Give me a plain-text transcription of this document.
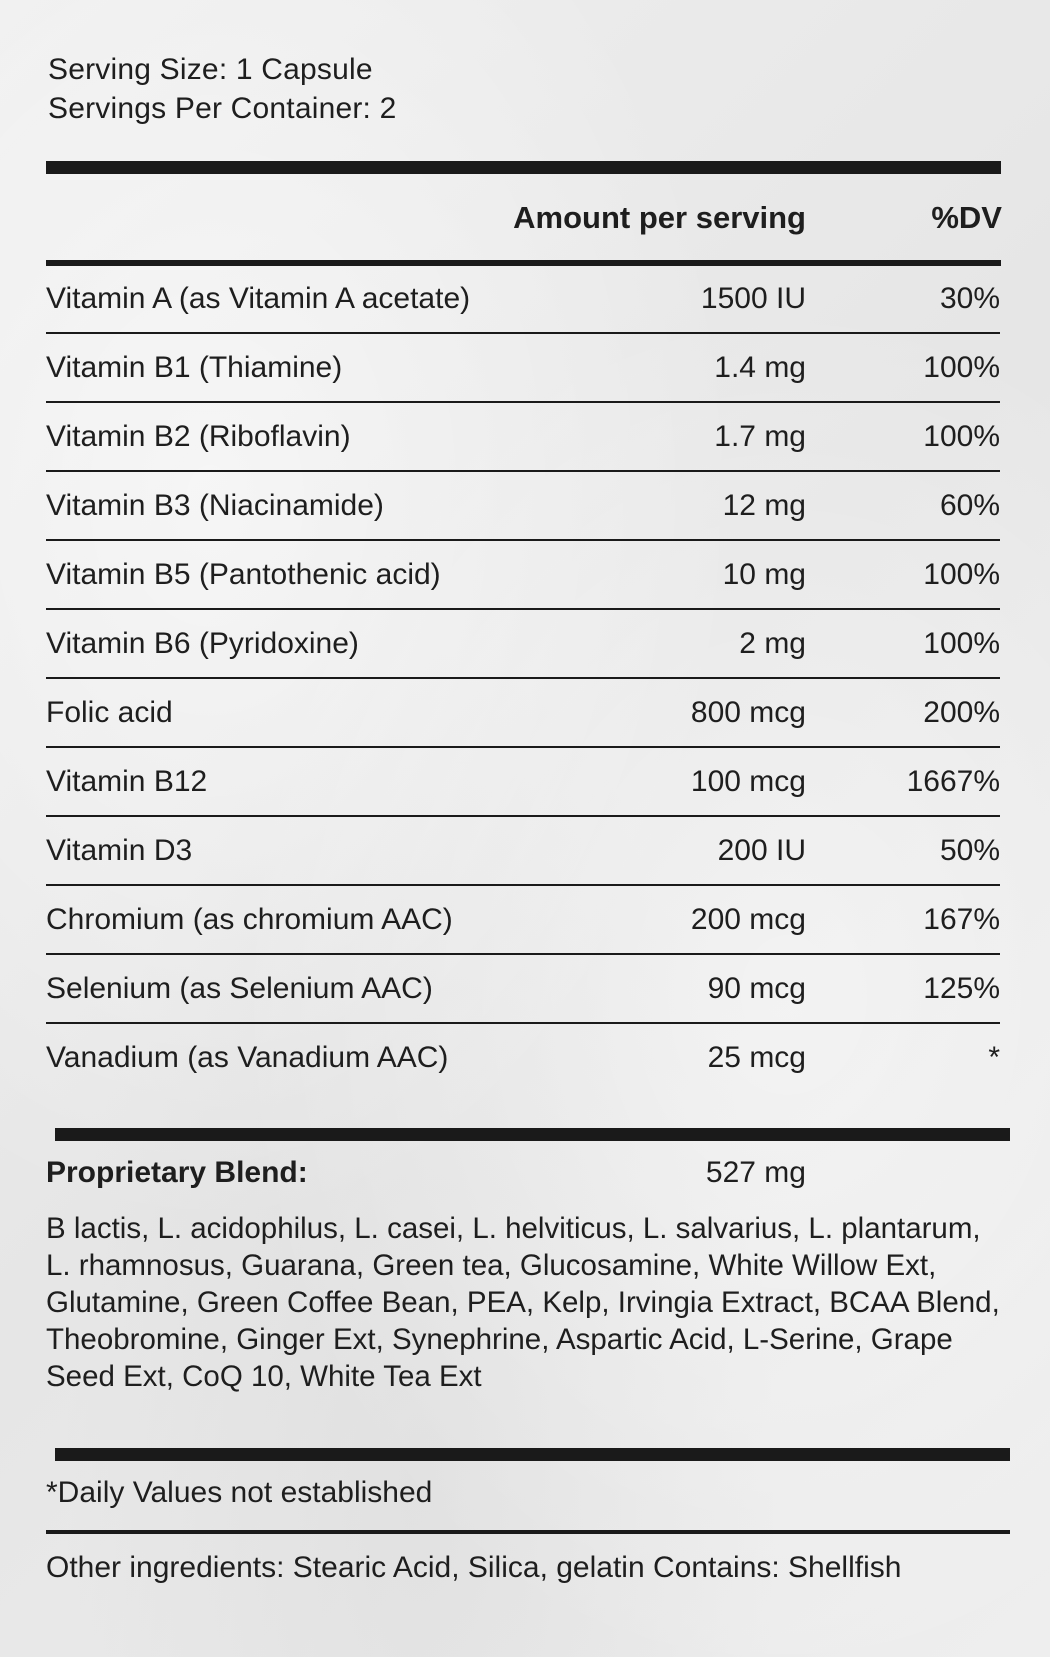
Serving Size: 1 Capsule
Servings Per Container: 2
Amount per serving	%DV
Vitamin A (as Vitamin A acetate)	1500 IU	30%
Vitamin B1 (Thiamine)	1.4 mg	100%
Vitamin B2 (Riboflavin)	1.7 mg	100%
Vitamin B3 (Niacinamide)	12 mg	60%
Vitamin B5 (Pantothenic acid)	10 mg	100%
Vitamin B6 (Pyridoxine)	2 mg	100%
Folic acid	800 mcg	200%
Vitamin B12	100 mcg	1667%
Vitamin D3	200 IU	50%
Chromium (as chromium AAC)	200 mcg	167%
Selenium (as Selenium AAC)	90 mcg	125%
Vanadium (as Vanadium AAC)	25 mcg	*
Proprietary Blend:	527 mg
B lactis, L. acidophilus, L. casei, L. helviticus, L. salvarius, L. plantarum, L. rhamnosus, Guarana, Green tea, Glucosamine, White Willow Ext, Glutamine, Green Coffee Bean, PEA, Kelp, Irvingia Extract, BCAA Blend, Theobromine, Ginger Ext, Synephrine, Aspartic Acid, L-Serine, Grape Seed Ext, CoQ 10, White Tea Ext
*Daily Values not established
Other ingredients: Stearic Acid, Silica, gelatin Contains: Shellfish
